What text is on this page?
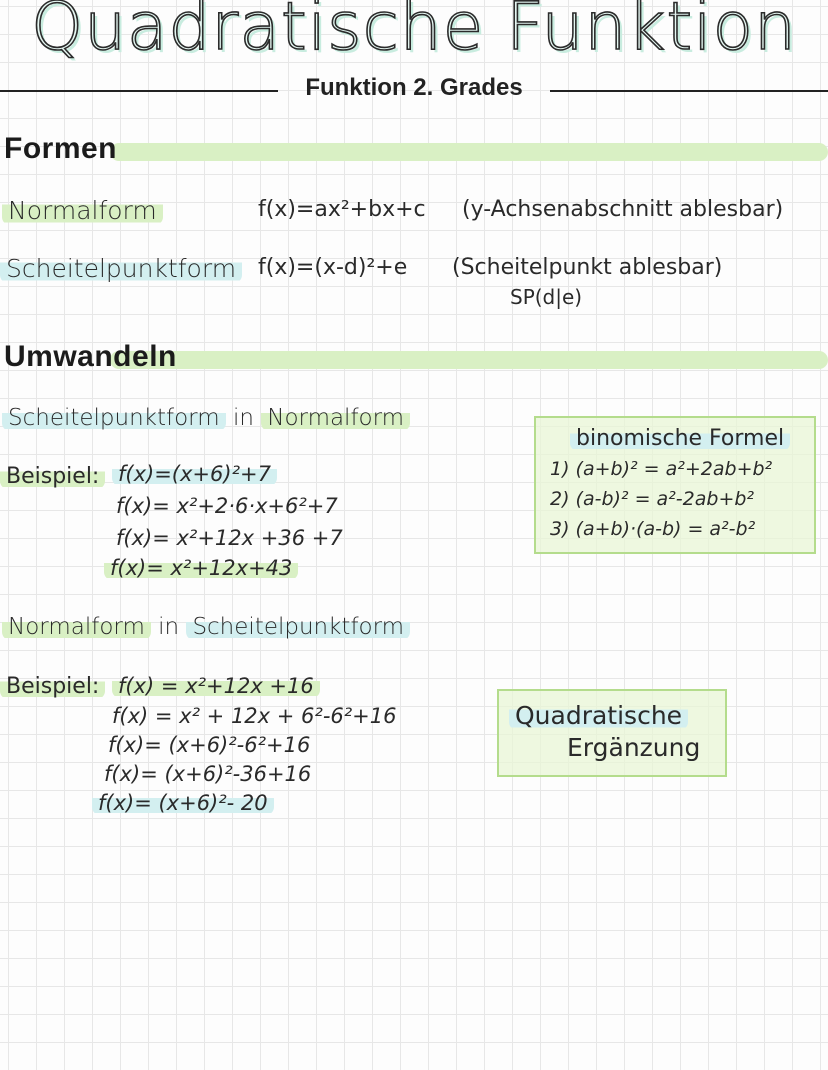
Quadratische Funktion
Funktion 2. Grades
Formen
Normalform	f(x)=ax²+bx+c (y-Achsenabschnitt ablesbar)
Scheitelpunktform f(x)=(x-d)²+e (Scheitelpunkt ablesbar)
SP(d|e)
Umwandeln
Scheitelpunktform in Normalform
Beispiel: f(x)=(x+6)²+7
f(x)= x²+2·6·x+6²+7
f(x)= x²+12x +36 +7
f(x)= x²+12x+43
binomische Formel
1) (a+b)² = a²+2ab+b²
2) (a-b)² = a²-2ab+b²
3) (a+b)·(a-b) = a²-b²
Normalform in Scheitelpunktform
Beispiel: f(x) = x²+12x +16
f(x) = x² + 12x + 6²-6²+16
f(x)= (x+6)²-6²+16
f(x)= (x+6)²-36+16
f(x)= (x+6)²- 20
Quadratische
Ergänzung
